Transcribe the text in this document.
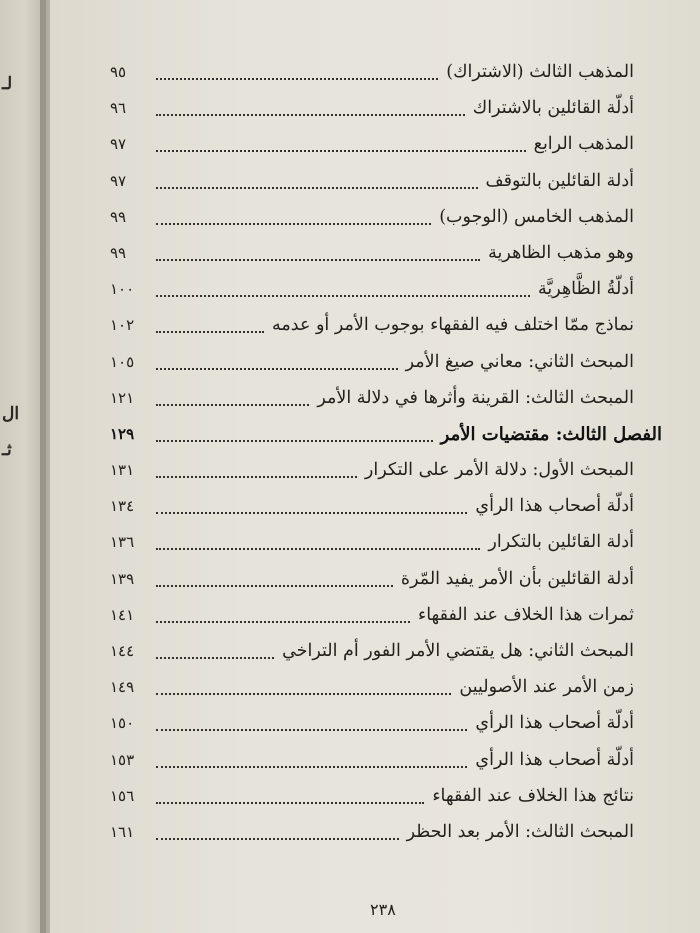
لـ
ال
ثـ
المذهب الثالث (الاشتراك)
٩٥
أدلّة القائلين بالاشتراك
٩٦
المذهب الرابع
٩٧
أدلة القائلين بالتوقف
٩٧
المذهب الخامس (الوجوب)
٩٩
وهو مذهب الظاهرية
٩٩
أدلّةُ الظَّاهِريَّة
١٠٠
نماذج ممّا اختلف فيه الفقهاء بوجوب الأمر أو عدمه
١٠٢
المبحث الثاني: معاني صيغ الأمر
١٠٥
المبحث الثالث: القرينة وأثرها في دلالة الأمر
١٢١
الفصل الثالث: مقتضيات الأمر
١٢٩
المبحث الأول: دلالة الأمر على التكرار
١٣١
أدلّة أصحاب هذا الرأي
١٣٤
أدلة القائلين بالتكرار
١٣٦
أدلة القائلين بأن الأمر يفيد المّرة
١٣٩
ثمرات هذا الخلاف عند الفقهاء
١٤١
المبحث الثاني: هل يقتضي الأمر الفور أم التراخي
١٤٤
زمن الأمر عند الأصوليين
١٤٩
أدلّة أصحاب هذا الرأي
١٥٠
أدلّة أصحاب هذا الرأي
١٥٣
نتائج هذا الخلاف عند الفقهاء
١٥٦
المبحث الثالث: الأمر بعد الحظر
١٦١
٢٣٨
